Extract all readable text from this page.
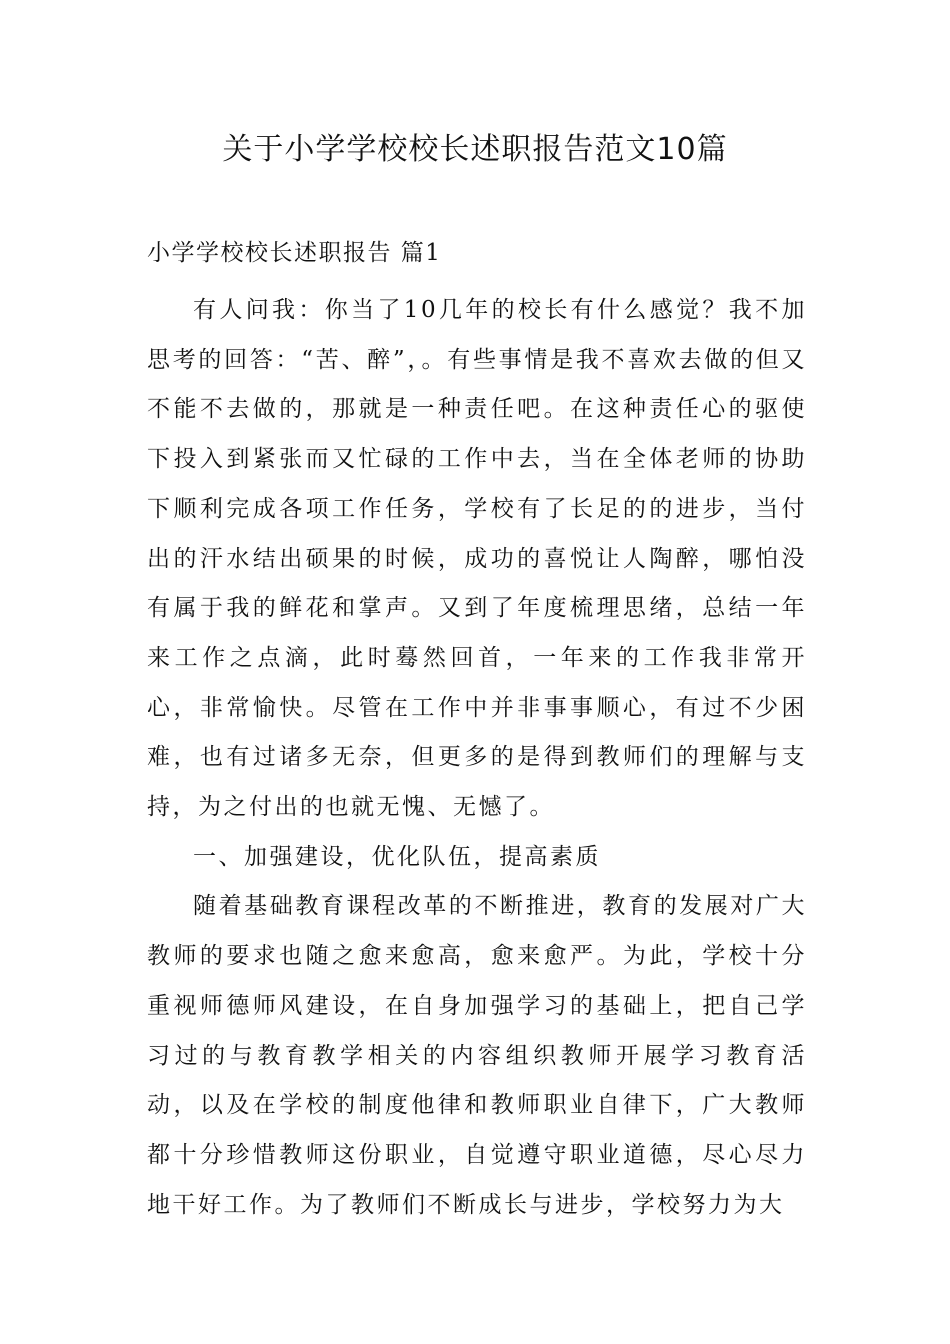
关于小学学校校长述职报告范文10篇
小学学校校长述职报告 篇1

有人问我：你当了10几年的校长有什么感觉？我不加思考的回答：“苦、醉”，。有些事情是我不喜欢去做的但又不能不去做的，那就是一种责任吧。在这种责任心的驱使下投入到紧张而又忙碌的工作中去，当在全体老师的协助下顺利完成各项工作任务，学校有了长足的的进步，当付出的汗水结出硕果的时候，成功的喜悦让人陶醉，哪怕没有属于我的鲜花和掌声。又到了年度梳理思绪，总结一年来工作之点滴，此时蓦然回首，一年来的工作我非常开心，非常愉快。尽管在工作中并非事事顺心，有过不少困难，也有过诸多无奈，但更多的是得到教师们的理解与支持，为之付出的也就无愧、无憾了。

一、加强建设，优化队伍，提高素质

随着基础教育课程改革的不断推进，教育的发展对广大教师的要求也随之愈来愈高，愈来愈严。为此，学校十分重视师德师风建设，在自身加强学习的基础上，把自己学习过的与教育教学相关的内容组织教师开展学习教育活动，以及在学校的制度他律和教师职业自律下，广大教师都十分珍惜教师这份职业，自觉遵守职业道德，尽心尽力地干好工作。为了教师们不断成长与进步，学校努力为大
